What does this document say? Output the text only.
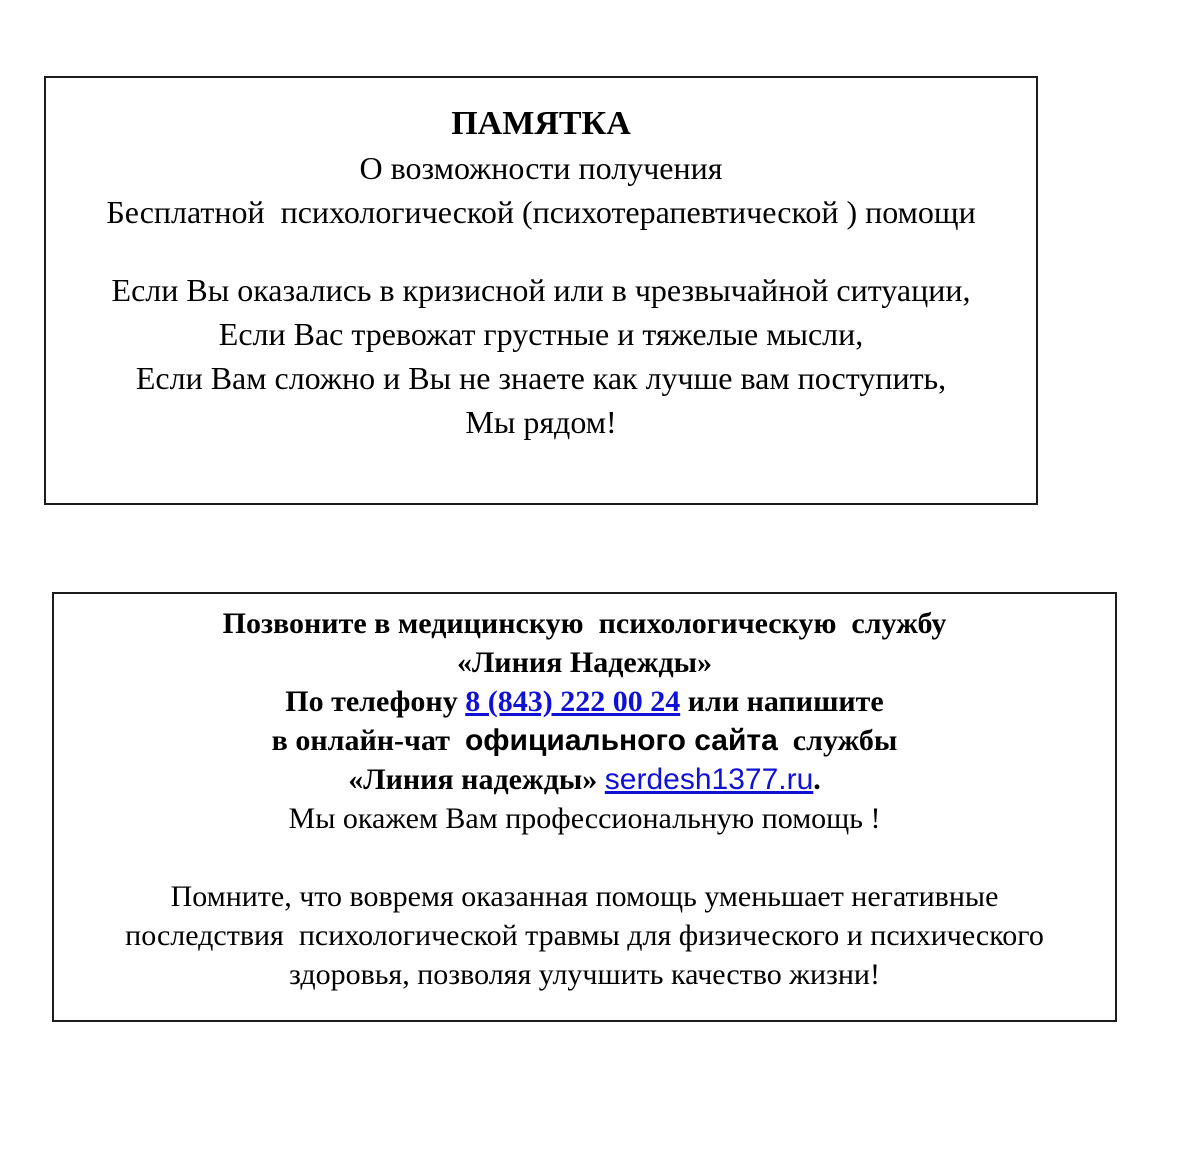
ПАМЯТКА
О возможности получения
Бесплатной  психологической (психотерапевтической ) помощи
Если Вы оказались в кризисной или в чрезвычайной ситуации,
Если Вас тревожат грустные и тяжелые мысли,
Если Вам сложно и Вы не знаете как лучше вам поступить,
Мы рядом!
Позвоните в медицинскую  психологическую  службу
«Линия Надежды»
По телефону 8 (843) 222 00 24 или напишите
в онлайн-чат  официального сайта  службы
«Линия надежды» serdesh1377.ru.
Мы окажем Вам профессиональную помощь !
Помните, что вовремя оказанная помощь уменьшает негативные
последствия  психологической травмы для физического и психического
здоровья, позволяя улучшить качество жизни!
